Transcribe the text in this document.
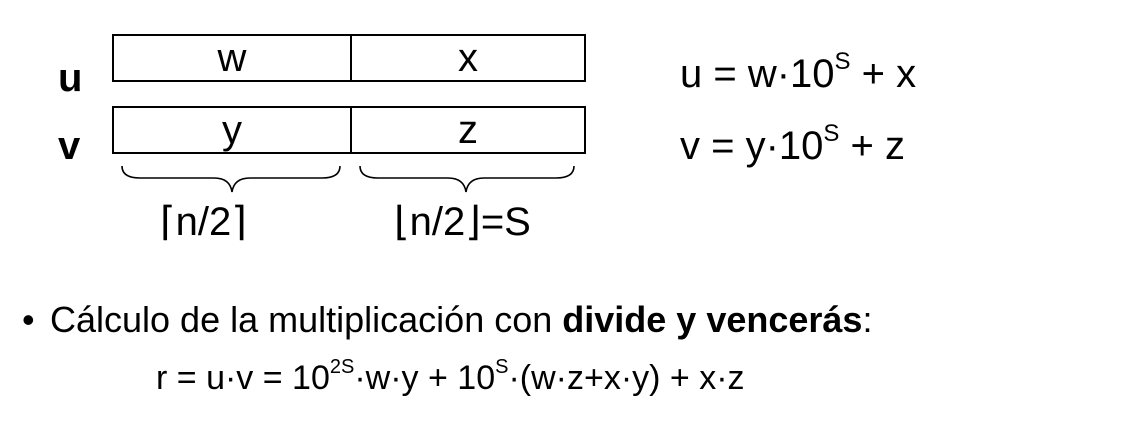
u
v
w	x
y	z
⌈n/2⌉	⌊n/2⌋=S
$u = w\cdot 10^S + x$
$v = y\cdot 10^S + z$
• Cálculo de la multiplicación con divide y vencerás:
$r = u\cdot v = 10^{2S}\cdot w\cdot y + 10^S\cdot(w\cdot z+x\cdot y) + x\cdot z$
